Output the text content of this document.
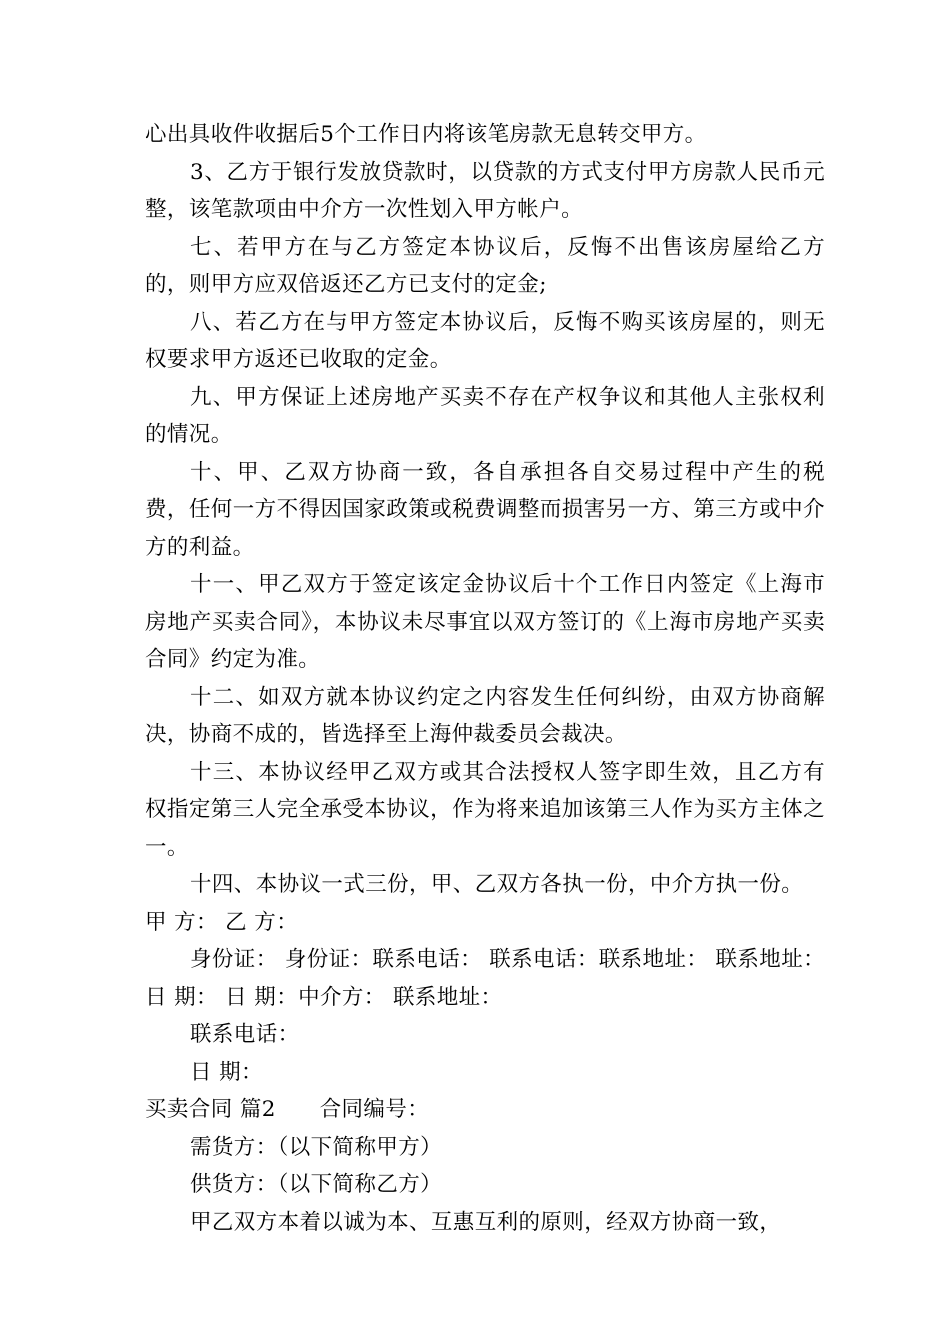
心出具收件收据后5个工作日内将该笔房款无息转交甲方。

3、乙方于银行发放贷款时，以贷款的方式支付甲方房款人民币元整，该笔款项由中介方一次性划入甲方帐户。

七、若甲方在与乙方签定本协议后，反悔不出售该房屋给乙方的，则甲方应双倍返还乙方已支付的定金;

八、若乙方在与甲方签定本协议后，反悔不购买该房屋的，则无权要求甲方返还已收取的定金。

九、甲方保证上述房地产买卖不存在产权争议和其他人主张权利的情况。

十、甲、乙双方协商一致，各自承担各自交易过程中产生的税费，任何一方不得因国家政策或税费调整而损害另一方、第三方或中介方的利益。

十一、甲乙双方于签定该定金协议后十个工作日内签定《上海市房地产买卖合同》，本协议未尽事宜以双方签订的《上海市房地产买卖合同》约定为准。

十二、如双方就本协议约定之内容发生任何纠纷，由双方协商解决，协商不成的，皆选择至上海仲裁委员会裁决。

十三、本协议经甲乙双方或其合法授权人签字即生效，且乙方有权指定第三人完全承受本协议，作为将来追加该第三人作为买方主体之一。

十四、本协议一式三份，甲、乙双方各执一份，中介方执一份。

甲 方： 乙 方：

身份证： 身份证：联系电话： 联系电话：联系地址： 联系地址：日 期： 日 期：中介方： 联系地址：

联系电话：

日 期：

买卖合同 篇2　　合同编号：

需货方：（以下简称甲方）

供货方：（以下简称乙方）

甲乙双方本着以诚为本、互惠互利的原则，经双方协商一致，
